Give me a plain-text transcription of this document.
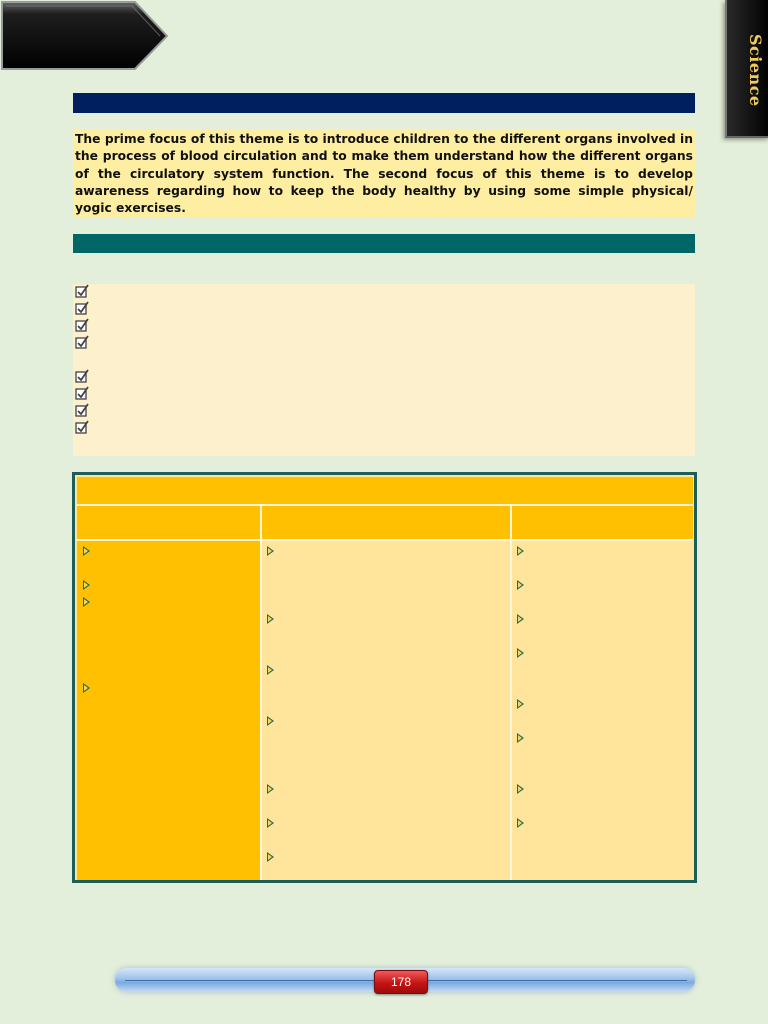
Science
The prime focus of this theme is to introduce children to the different organs involved in the process of blood circulation and to make them understand how the different organs of the circulatory system function. The second focus of this theme is to develop awareness regarding how to keep the body healthy by using some simple physical/ yogic exercises.
178
